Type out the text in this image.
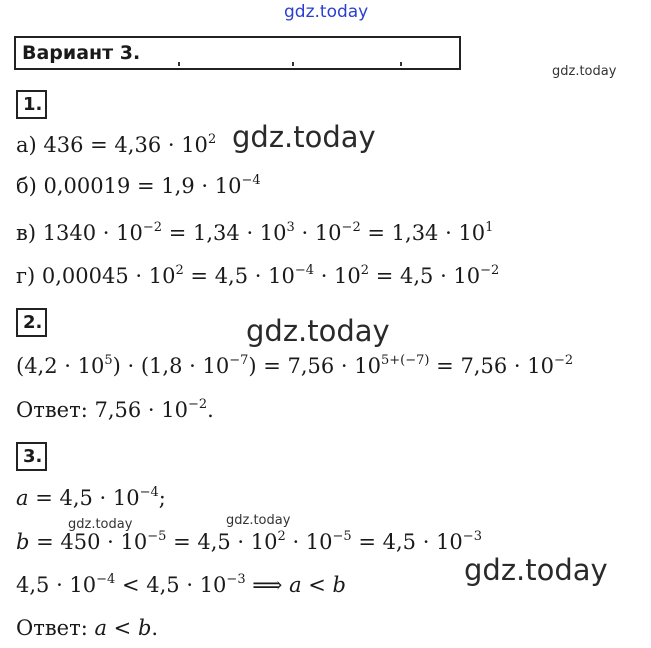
gdz.today
gdz.today
gdz.today
gdz.today
gdz.today	gdz.today
gdz.today
Вариант 3.
1.
а) $436 = 4,36 \cdot 10^2$
б) $0,00019 = 1,9 \cdot 10^{-4}$
в) $1340 \cdot 10^{-2} = 1,34 \cdot 10^3 \cdot 10^{-2} = 1,34 \cdot 10^1$
г) $0,00045 \cdot 10^2 = 4,5 \cdot 10^{-4} \cdot 10^2 = 4,5 \cdot 10^{-2}$
2.
$(4,2 \cdot 10^5) \cdot (1,8 \cdot 10^{-7}) = 7,56 \cdot 10^{5+(-7)} = 7,56 \cdot 10^{-2}$
Ответ: $7,56 \cdot 10^{-2}$.
3.
$a = 4,5 \cdot 10^{-4}$;
$b = 450 \cdot 10^{-5} = 4,5 \cdot 10^2 \cdot 10^{-5} = 4,5 \cdot 10^{-3}$
$4,5 \cdot 10^{-4} < 4,5 \cdot 10^{-3}$ ⟹ a < b
Ответ: a < b.
